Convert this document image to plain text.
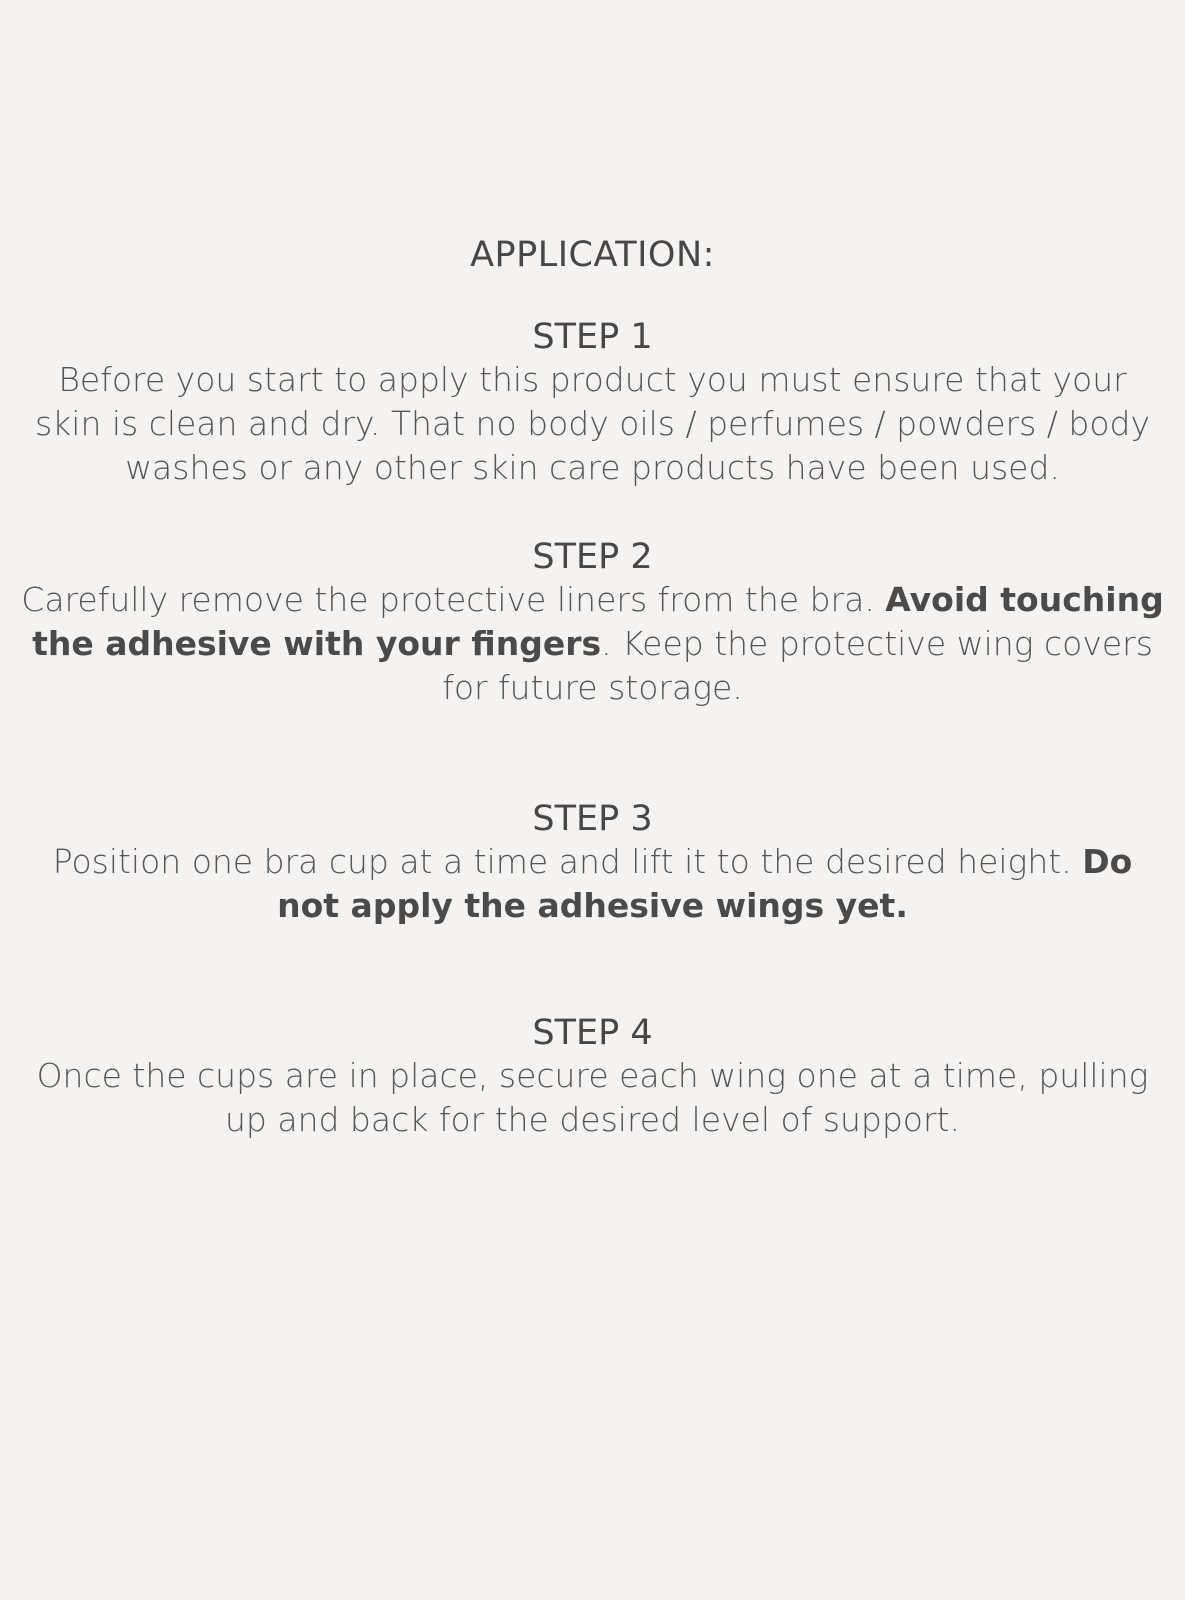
APPLICATION:
STEP 1

Before you start to apply this product you must ensure that your skin is clean and dry. That no body oils / perfumes / powders / body washes or any other skin care products have been used.

STEP 2

Carefully remove the protective liners from the bra. Avoid touching the adhesive with your fingers. Keep the protective wing covers for future storage.

STEP 3

Position one bra cup at a time and lift it to the desired height. Do not apply the adhesive wings yet.

STEP 4

Once the cups are in place, secure each wing one at a time, pulling up and back for the desired level of support.
